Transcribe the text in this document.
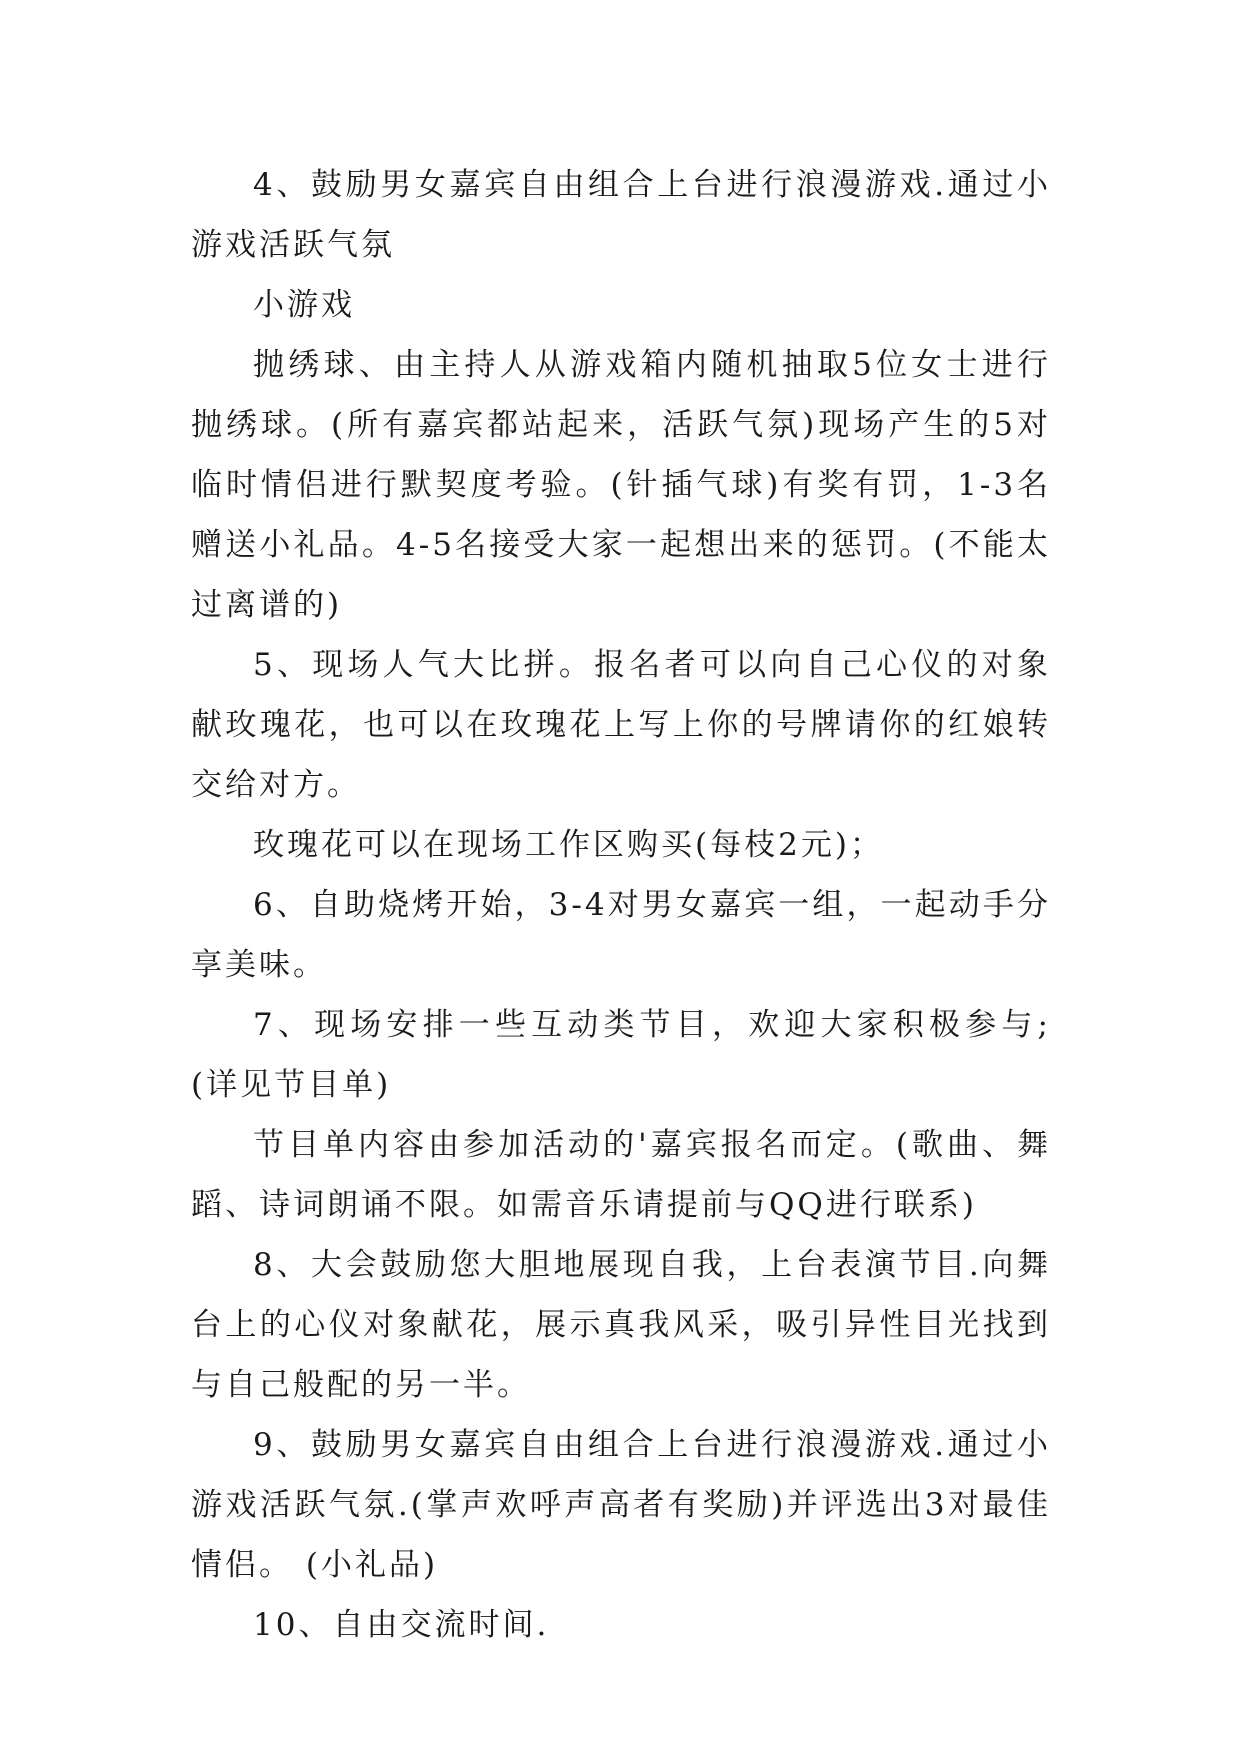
4、鼓励男女嘉宾自由组合上台进行浪漫游戏.通过小游戏活跃气氛

小游戏

抛绣球、由主持人从游戏箱内随机抽取5位女士进行抛绣球。(所有嘉宾都站起来，活跃气氛)现场产生的5对临时情侣进行默契度考验。(针插气球)有奖有罚，1-3名赠送小礼品。4-5名接受大家一起想出来的惩罚。(不能太过离谱的)

5、现场人气大比拼。报名者可以向自己心仪的对象献玫瑰花，也可以在玫瑰花上写上你的号牌请你的红娘转交给对方。

玫瑰花可以在现场工作区购买(每枝2元)；

6、自助烧烤开始，3-4对男女嘉宾一组，一起动手分享美味。

7、现场安排一些互动类节目，欢迎大家积极参与;(详见节目单)

节目单内容由参加活动的'嘉宾报名而定。(歌曲、舞蹈、诗词朗诵不限。如需音乐请提前与QQ进行联系)

8、大会鼓励您大胆地展现自我，上台表演节目.向舞台上的心仪对象献花，展示真我风采，吸引异性目光找到与自己般配的另一半。

9、鼓励男女嘉宾自由组合上台进行浪漫游戏.通过小游戏活跃气氛.(掌声欢呼声高者有奖励)并评选出3对最佳情侣。 (小礼品)

10、自由交流时间.
